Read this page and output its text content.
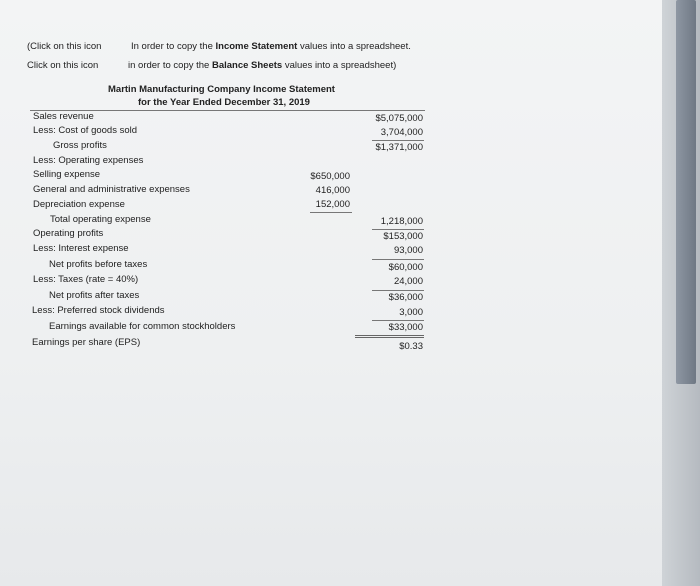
(Click on this icon	In order to copy the Income Statement values into a spreadsheet.
Click on this icon	in order to copy the Balance Sheets values into a spreadsheet)
Martin Manufacturing Company Income Statement
for the Year Ended December 31, 2019
Sales revenue
Less: Cost of goods sold
Gross profits
Less: Operating expenses
Selling expense
General and administrative expenses
Depreciation expense
Total operating expense
Operating profits
Less: Interest expense
Net profits before taxes
Less: Taxes (rate = 40%)
Net profits after taxes
Less: Preferred stock dividends
Earnings available for common stockholders
Earnings per share (EPS)
$650,000
416,000
152,000
$5,075,000
3,704,000
$1,371,000
1,218,000
$153,000
93,000
$60,000
24,000
$36,000
3,000
$33,000
$0.33
